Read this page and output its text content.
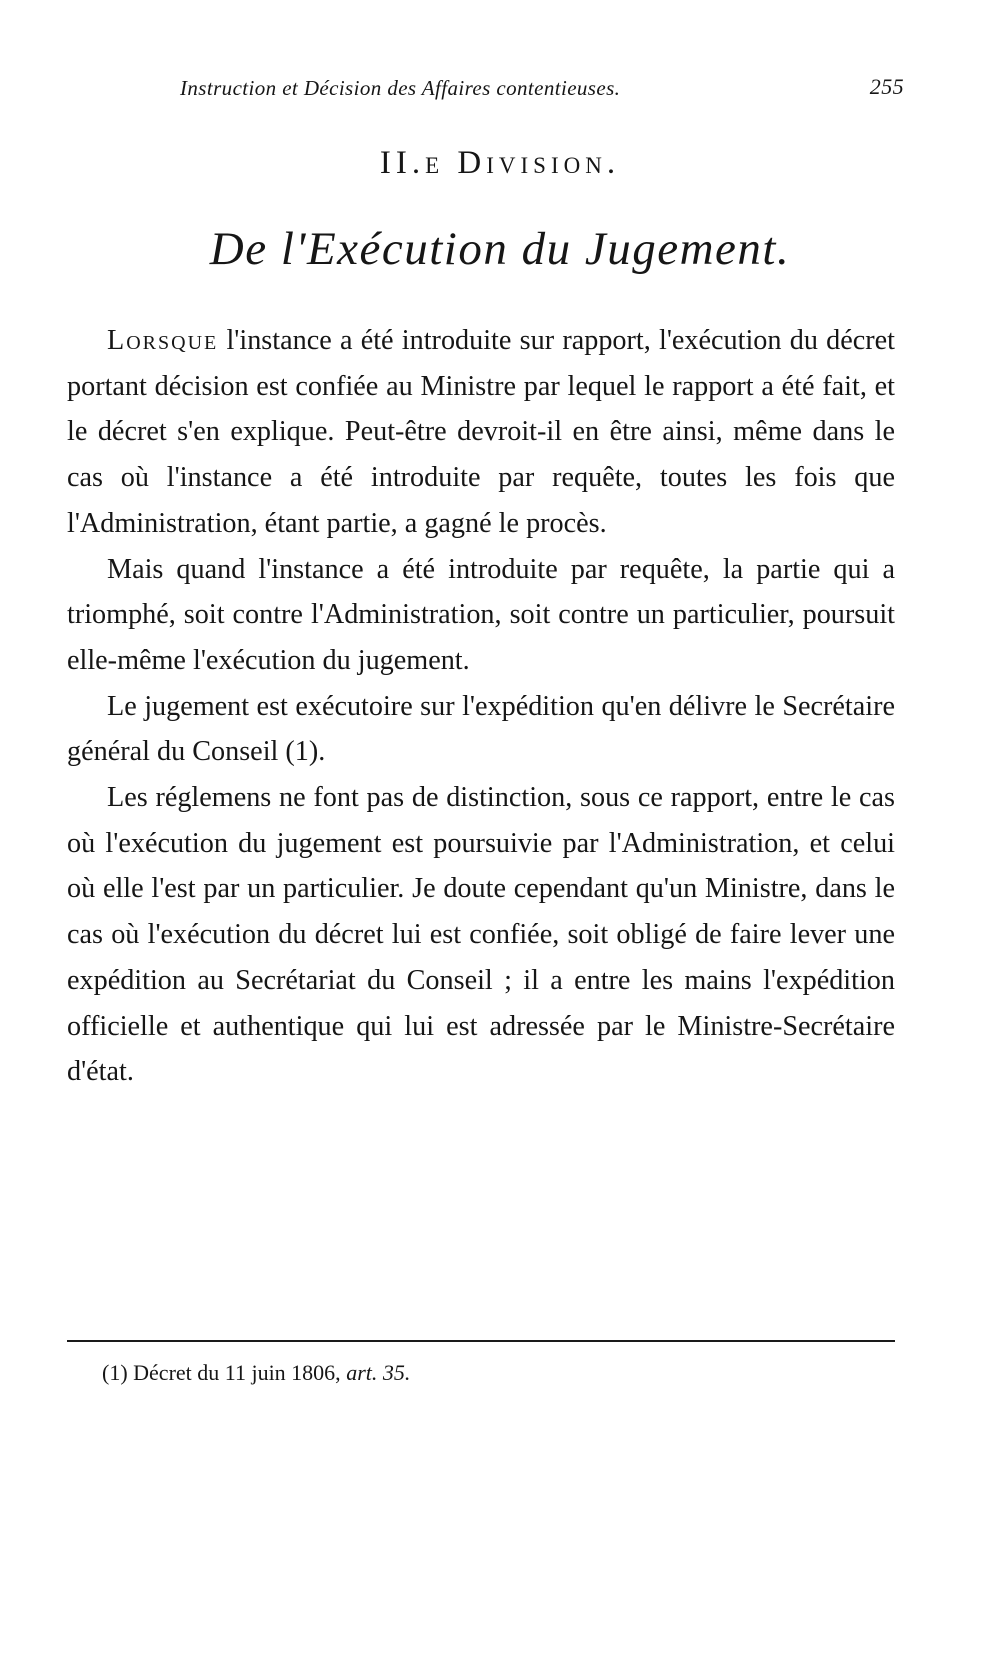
Instruction et Décision des Affaires contentieuses.	255
II.e Division.
De l'Exécution du Jugement.

Lorsque l'instance a été introduite sur rapport, l'exécution du décret portant décision est confiée au Ministre par lequel le rapport a été fait, et le décret s'en explique. Peut-être devroit-il en être ainsi, même dans le cas où l'instance a été introduite par requête, toutes les fois que l'Administration, étant partie, a gagné le procès.

Mais quand l'instance a été introduite par requête, la partie qui a triomphé, soit contre l'Administration, soit contre un particulier, poursuit elle-même l'exécution du jugement.

Le jugement est exécutoire sur l'expédition qu'en délivre le Secrétaire général du Conseil (1).

Les réglemens ne font pas de distinction, sous ce rapport, entre le cas où l'exécution du jugement est poursuivie par l'Administration, et celui où elle l'est par un particulier. Je doute cependant qu'un Ministre, dans le cas où l'exécution du décret lui est confiée, soit obligé de faire lever une expédition au Secrétariat du Conseil ; il a entre les mains l'expédition officielle et authentique qui lui est adressée par le Ministre-Secrétaire d'état.

(1) Décret du 11 juin 1806, art. 35.
